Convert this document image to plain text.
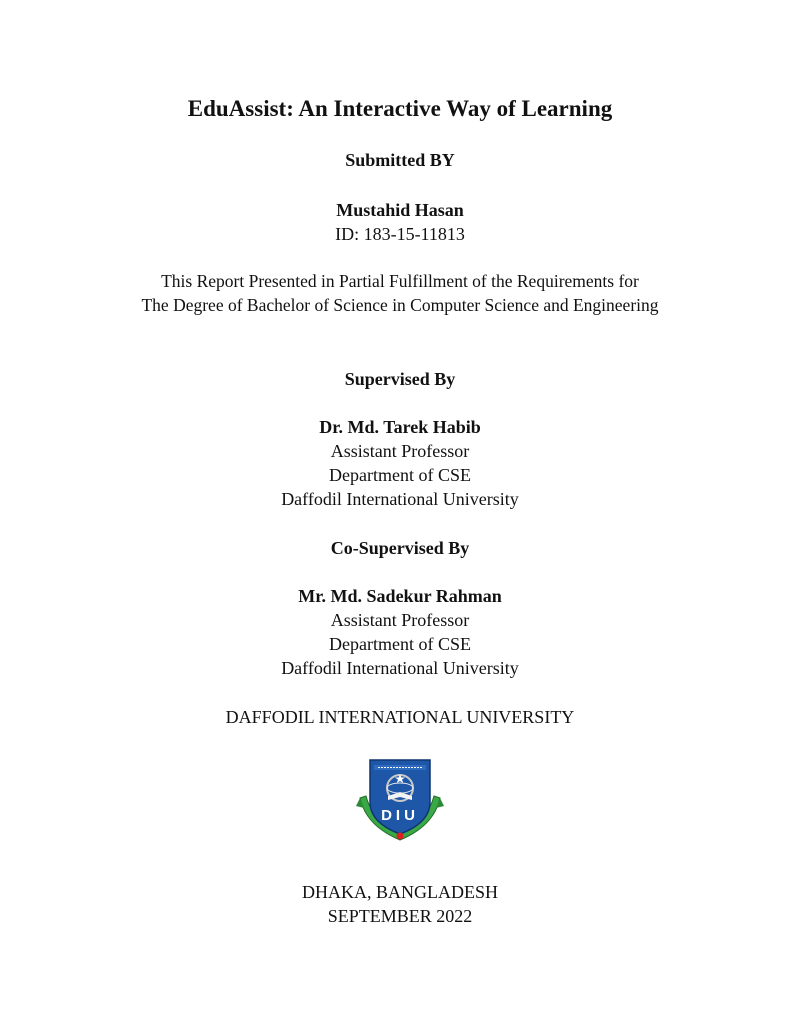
EduAssist: An Interactive Way of Learning
Submitted BY
Mustahid Hasan
ID: 183-15-11813
This Report Presented in Partial Fulfillment of the Requirements for
The Degree of Bachelor of Science in Computer Science and Engineering
Supervised By
Dr. Md. Tarek Habib
Assistant Professor
Department of CSE
Daffodil International University
Co-Supervised By
Mr. Md. Sadekur Rahman
Assistant Professor
Department of CSE
Daffodil International University
DAFFODIL INTERNATIONAL UNIVERSITY
DIU
DHAKA, BANGLADESH
SEPTEMBER 2022
